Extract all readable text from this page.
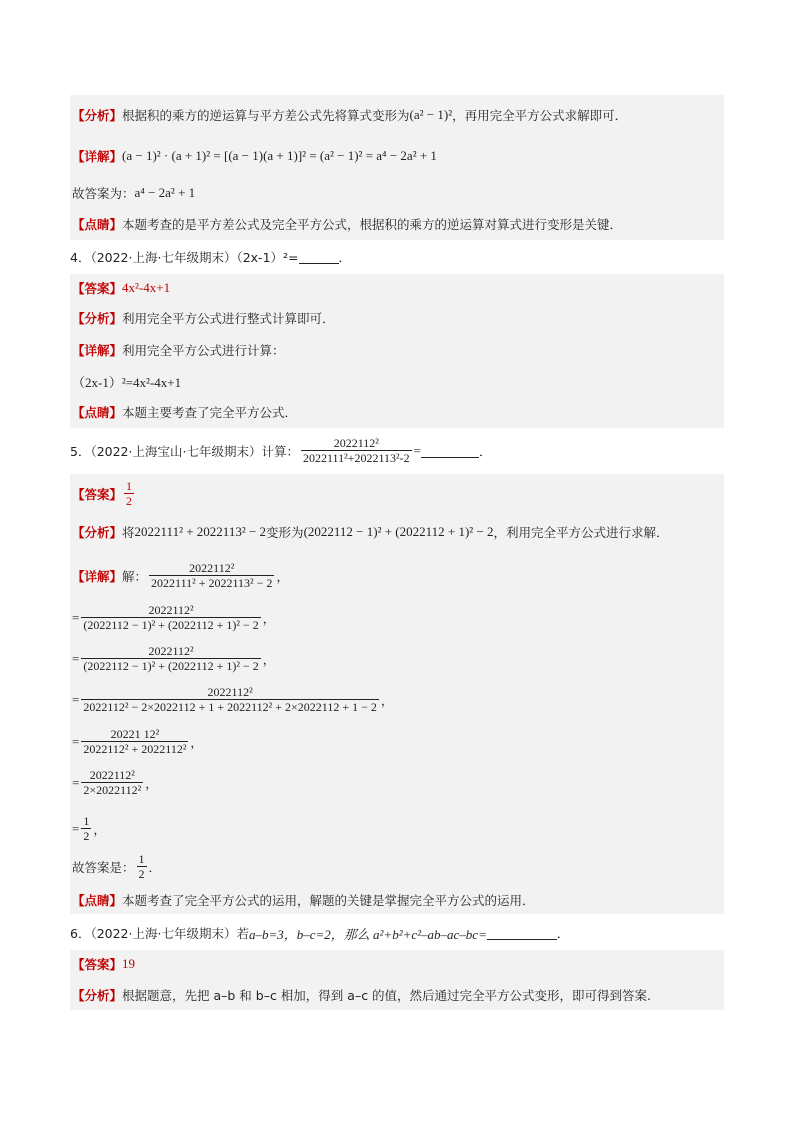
【分析】 根据积的乘方的逆运算与平方差公式先将算式变形为 (a² − 1)² ，再用完全平方公式求解即可．
【详解】 (a − 1)² · (a + 1)² = [(a − 1)(a + 1)]² = (a² − 1)² = a⁴ − 2a² + 1
故答案为： a⁴ − 2a² + 1
【点睛】 本题考查的是平方差公式及完全平方公式，根据积的乘方的逆运算对算式进行变形是关键．
4．（2022·上海·七年级期末）（2x-1）²=	．
【答案】 4x²-4x+1
【分析】 利用完全平方公式进行整式计算即可．
【详解】 利用完全平方公式进行计算：
（2x-1）²=4x²-4x+1
【点睛】 本题主要考查了完全平方公式．
5．（2022·上海宝山·七年级期末）计算： $\frac{\text{2022112²}}{\text{2022111²+2022113²-2}}$ =	．
【答案】 $\frac{1}{2}$
【分析】 将 2022111² + 2022113² − 2 变形为 (2022112 − 1)² + (2022112 + 1)² − 2 ，利用完全平方公式进行求解．
【详解】 解： $\frac{\text{2022112²}}{\text{2022111² + 2022113² − 2}}$ ，
= $\frac{\text{2022112²}}{\text{(2022112 − 1)² + (2022112 + 1)² − 2}}$ ，
= $\frac{\text{2022112²}}{\text{(2022112 − 1)² + (2022112 + 1)² − 2}}$ ，
= $\frac{\text{2022112²}}{\text{2022112² − 2×2022112 + 1 + 2022112² + 2×2022112 + 1 − 2}}$ ，
= $\frac{\text{20221 12²}}{\text{2022112² + 2022112²}}$ ，
= $\frac{\text{2022112²}}{\text{2×2022112²}}$ ，
= $\frac{1}{2}$ ，
故答案是： $\frac{1}{2}$ ．
【点睛】 本题考查了完全平方公式的运用，解题的关键是掌握完全平方公式的运用．
6．（2022·上海·七年级期末）若 a–b=3，b–c=2，那么 a²+b²+c²–ab–ac–bc=	．
【答案】 19
【分析】 根据题意，先把 a–b 和 b–c 相加，得到 a–c 的值，然后通过完全平方公式变形，即可得到答案.
